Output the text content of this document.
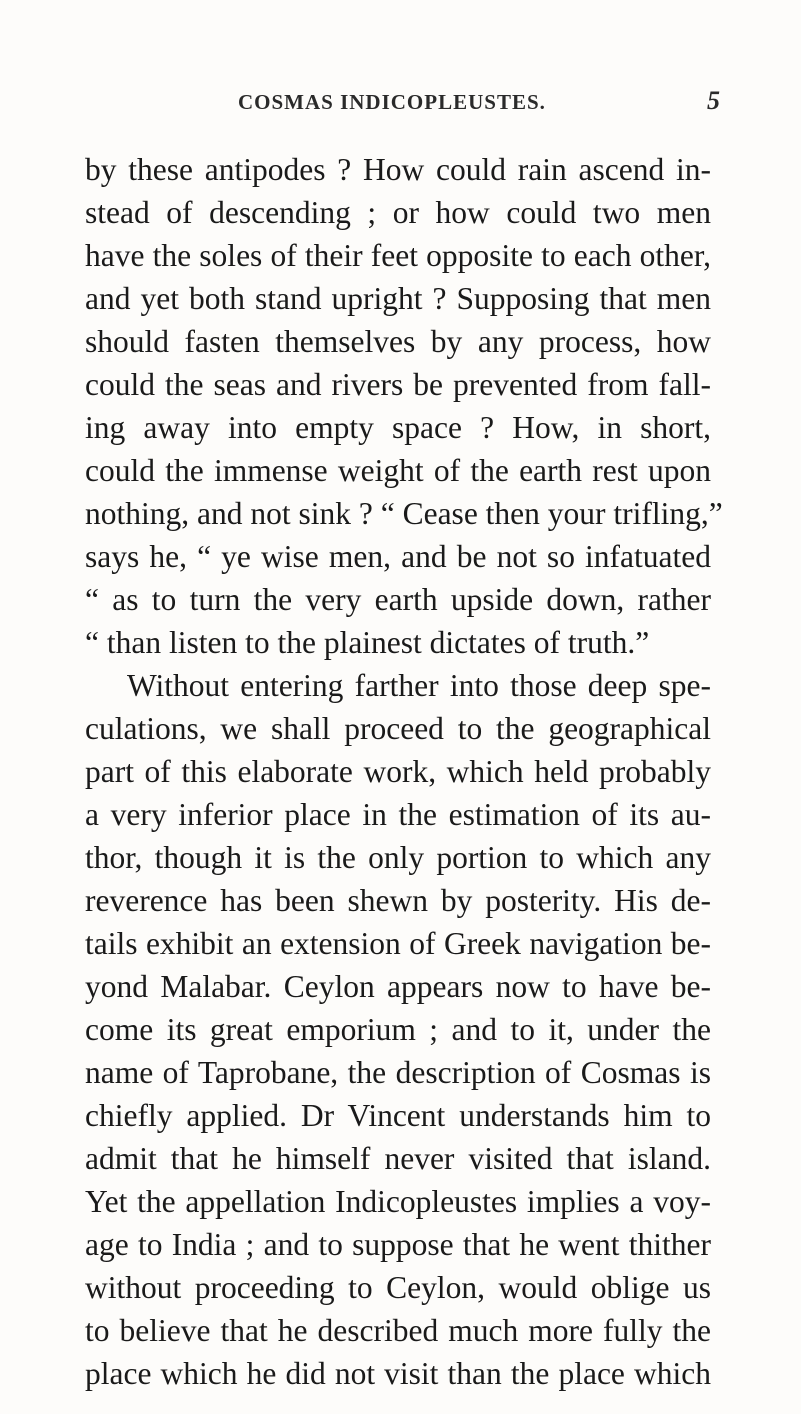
COSMAS INDICOPLEUSTES.	5
by these antipodes ? How could rain ascend in-
stead of descending ; or how could two men
have the soles of their feet opposite to each other,
and yet both stand upright ? Supposing that men
should fasten themselves by any process, how
could the seas and rivers be prevented from fall-
ing away into empty space ? How, in short,
could the immense weight of the earth rest upon
nothing, and not sink ? “ Cease then your trifling,”
says he, “ ye wise men, and be not so infatuated
“ as to turn the very earth upside down, rather
“ than listen to the plainest dictates of truth.”
Without entering farther into those deep spe-
culations, we shall proceed to the geographical
part of this elaborate work, which held probably
a very inferior place in the estimation of its au-
thor, though it is the only portion to which any
reverence has been shewn by posterity. His de-
tails exhibit an extension of Greek navigation be-
yond Malabar. Ceylon appears now to have be-
come its great emporium ; and to it, under the
name of Taprobane, the description of Cosmas is
chiefly applied. Dr Vincent understands him to
admit that he himself never visited that island.
Yet the appellation Indicopleustes implies a voy-
age to India ; and to suppose that he went thither
without proceeding to Ceylon, would oblige us
to believe that he described much more fully the
place which he did not visit than the place which
